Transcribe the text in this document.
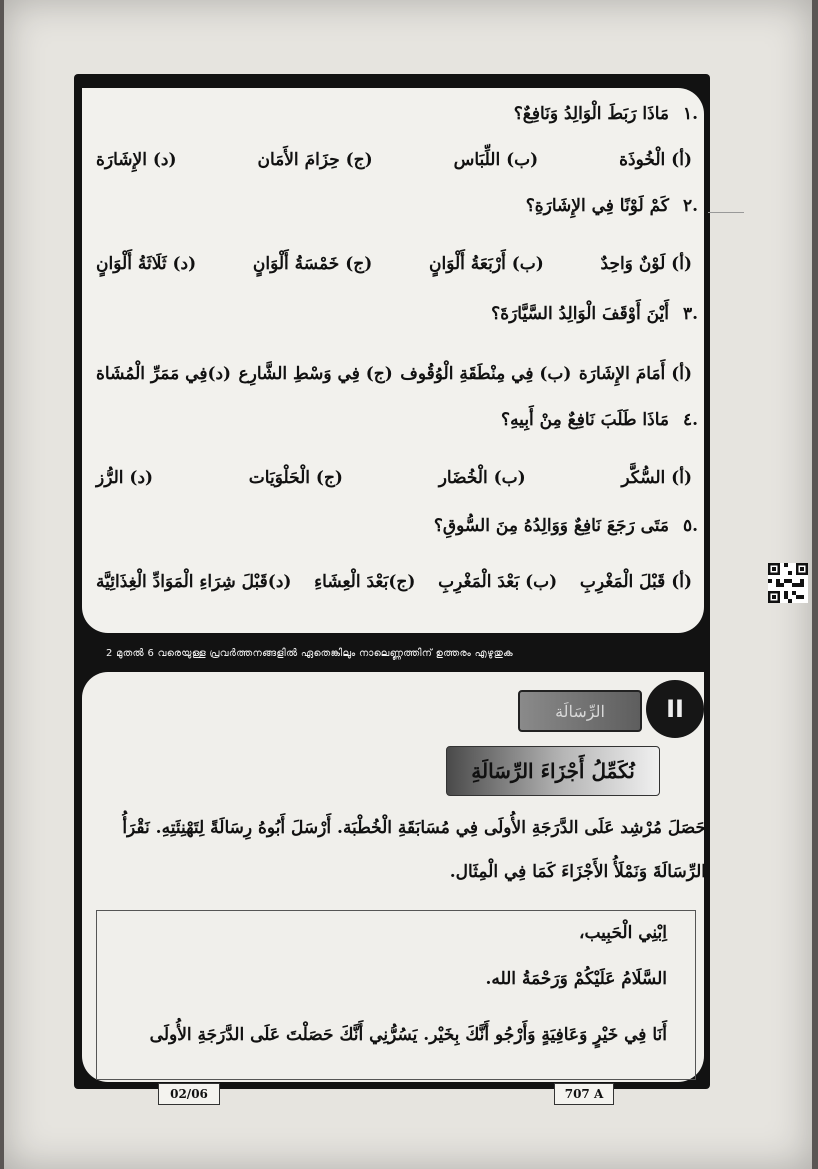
.١ مَاذَا رَبَطَ الْوَالِدُ وَنَافِعٌ؟
(أ) الْخُوذَة
(ب) اللِّبَاس
(ج) حِزَامَ الأَمَان
(د) الإِشَارَة
.٢ كَمْ لَوْنًا فِي الإِشَارَةِ؟
(أ) لَوْنٌ وَاحِدٌ
(ب) أَرْبَعَةُ أَلْوَانٍ
(ج) خَمْسَةُ أَلْوَانٍ
(د) ثَلَاثَةُ أَلْوَانٍ
.٣ أَيْنَ أَوْقَفَ الْوَالِدُ السَّيَّارَةَ؟
(أ) أَمَامَ الإِشَارَة
(ب) فِي مِنْطَقَةِ الْوُقُوف
(ج) فِي وَسْطِ الشَّارِع
(د)فِي مَمَرِّ الْمُشَاة
.٤ مَاذَا طَلَبَ نَافِعٌ مِنْ أَبِيهِ؟
(أ) السُّكَّر
(ب) الْخُضَار
(ج) الْحَلْوَيَات
(د) الرُّز
.٥ مَتَى رَجَعَ نَافِعٌ وَوَالِدُهُ مِنَ السُّوقِ؟
(أ) قَبْلَ الْمَغْرِبِ
(ب) بَعْدَ الْمَغْرِبِ
(ج)بَعْدَ الْعِشَاءِ
(د)قَبْلَ شِرَاءِ الْمَوَادِّ الْغِذَائِيَّة
2 മുതൽ 6 വരെയുള്ള പ്രവർത്തനങ്ങളിൽ ഏതെങ്കിലും നാലെണ്ണത്തിന് ഉത്തരം എഴുതുക
الرِّسَالَة	II
نُكَمِّلُ أَجْزَاءَ الرِّسَالَةِ
حَصَلَ مُرْشِد عَلَى الدَّرَجَةِ الأُولَى فِي مُسَابَقَةِ الْخُطْبَة. أَرْسَلَ أَبُوهُ رِسَالَةً لِتَهْنِئَتِهِ. نَقْرَأُ
الرِّسَالَةَ وَنَمْلَأُ الأَجْزَاءَ كَمَا فِي الْمِثَال.
اِبْنِي الْحَبِيب،
السَّلَامُ عَلَيْكُمْ وَرَحْمَةُ الله.
أَنَا فِي خَيْرٍ وَعَافِيَةٍ وَأَرْجُو أَنَّكَ بِخَيْر. يَسُرُّنِي أَنَّكَ حَصَلْتَ عَلَى الدَّرَجَةِ الأُولَى
02/06	707 A
